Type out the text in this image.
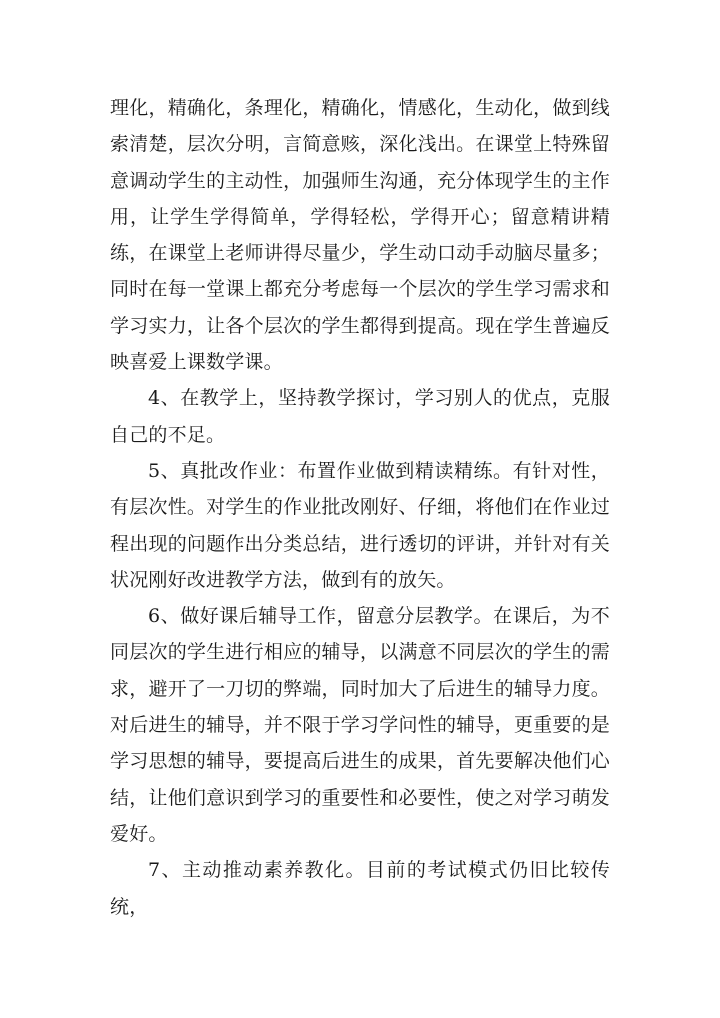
理化，精确化，条理化，精确化，情感化，生动化，做到线索清楚，层次分明，言简意赅，深化浅出。在课堂上特殊留意调动学生的主动性，加强师生沟通，充分体现学生的主作用，让学生学得简单，学得轻松，学得开心；留意精讲精练，在课堂上老师讲得尽量少，学生动口动手动脑尽量多；同时在每一堂课上都充分考虑每一个层次的学生学习需求和学习实力，让各个层次的学生都得到提高。现在学生普遍反映喜爱上课数学课。

4、在教学上，坚持教学探讨，学习别人的优点，克服自己的不足。

5、真批改作业：布置作业做到精读精练。有针对性，有层次性。对学生的作业批改刚好、仔细，将他们在作业过程出现的问题作出分类总结，进行透切的评讲，并针对有关状况刚好改进教学方法，做到有的放矢。

6、做好课后辅导工作，留意分层教学。在课后，为不同层次的学生进行相应的辅导，以满意不同层次的学生的需求，避开了一刀切的弊端，同时加大了后进生的辅导力度。对后进生的辅导，并不限于学习学问性的辅导，更重要的是学习思想的辅导，要提高后进生的成果，首先要解决他们心结，让他们意识到学习的重要性和必要性，使之对学习萌发爱好。

7、主动推动素养教化。目前的考试模式仍旧比较传统，
